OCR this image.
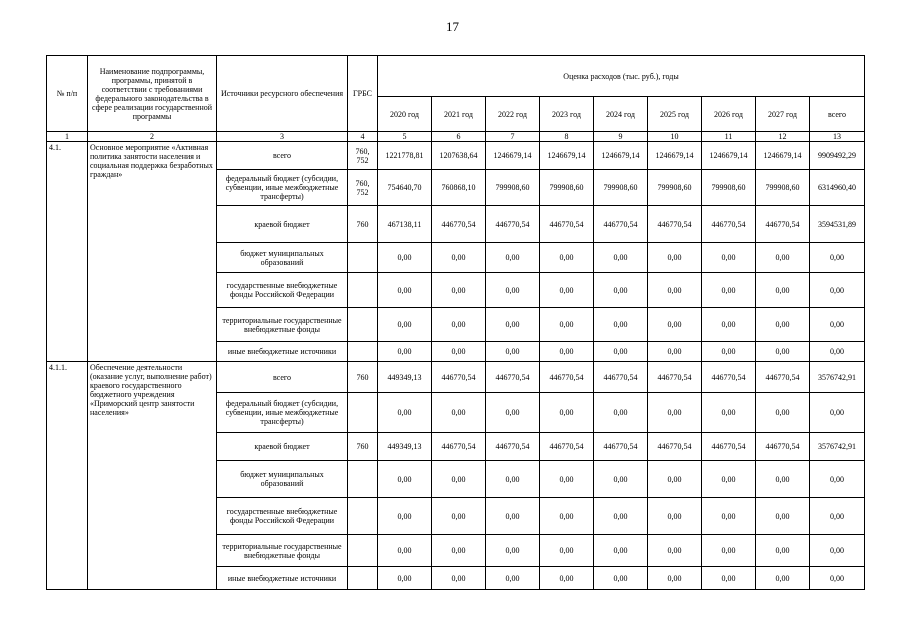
17
№ п/п	Наименование подпрограммы, программы, принятой в соответствии с требованиями федерального законодательства в сфере реализации государственной программы	Источники ресурсного обеспечения	ГРБС	Оценка расходов (тыс. руб.), годы								
				2020 год	2021 год	2022 год	2023 год	2024 год	2025 год	2026 год	2027 год	всего
1	2	3	4	5	6	7	8	9	10	11	12	13
4.1.	Основное мероприятие «Активная политика занятости населения и социальная поддержка безработных граждан»	всего	760, 752	1221778,81	1207638,64	1246679,14	1246679,14	1246679,14	1246679,14	1246679,14	1246679,14	9909492,29
		федеральный бюджет (субсидии, субвенции, иные межбюджетные трансферты)	760, 752	754640,70	760868,10	799908,60	799908,60	799908,60	799908,60	799908,60	799908,60	6314960,40
		краевой бюджет	760	467138,11	446770,54	446770,54	446770,54	446770,54	446770,54	446770,54	446770,54	3594531,89
		бюджет муниципальных образований		0,00	0,00	0,00	0,00	0,00	0,00	0,00	0,00	0,00
		государственные внебюджетные фонды Российской Федерации		0,00	0,00	0,00	0,00	0,00	0,00	0,00	0,00	0,00
		территориальные государственные внебюджетные фонды		0,00	0,00	0,00	0,00	0,00	0,00	0,00	0,00	0,00
		иные внебюджетные источники		0,00	0,00	0,00	0,00	0,00	0,00	0,00	0,00	0,00
4.1.1.	Обеспечение деятельности (оказание услуг, выполнение работ) краевого государственного бюджетного учреждения «Приморский центр занятости населения»	всего	760	449349,13	446770,54	446770,54	446770,54	446770,54	446770,54	446770,54	446770,54	3576742,91
		федеральный бюджет (субсидии, субвенции, иные межбюджетные трансферты)		0,00	0,00	0,00	0,00	0,00	0,00	0,00	0,00	0,00
		краевой бюджет	760	449349,13	446770,54	446770,54	446770,54	446770,54	446770,54	446770,54	446770,54	3576742,91
		бюджет муниципальных образований		0,00	0,00	0,00	0,00	0,00	0,00	0,00	0,00	0,00
		государственные внебюджетные фонды Российской Федерации		0,00	0,00	0,00	0,00	0,00	0,00	0,00	0,00	0,00
		территориальные государственные внебюджетные фонды		0,00	0,00	0,00	0,00	0,00	0,00	0,00	0,00	0,00
		иные внебюджетные источники		0,00	0,00	0,00	0,00	0,00	0,00	0,00	0,00	0,00
